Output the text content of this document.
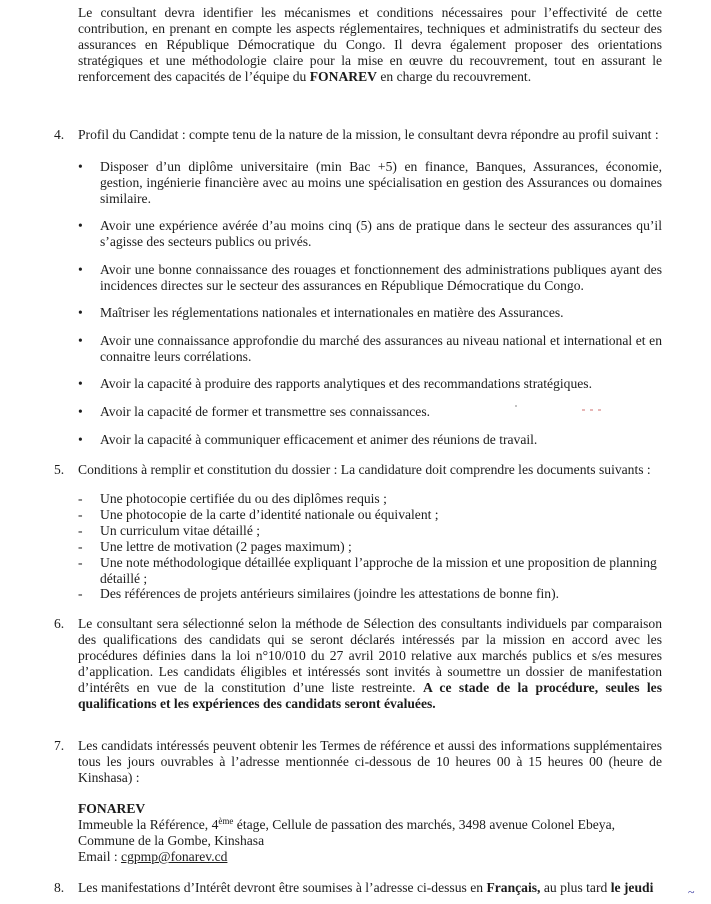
Le consultant devra identifier les mécanismes et conditions nécessaires pour l’effectivité de cette contribution, en prenant en compte les aspects réglementaires, techniques et administratifs du secteur des assurances en République Démocratique du Congo. Il devra également proposer des orientations stratégiques et une méthodologie claire pour la mise en œuvre du recouvrement, tout en assurant le renforcement des capacités de l’équipe du FONAREV en charge du recouvrement.

4. Profil du Candidat : compte tenu de la nature de la mission, le consultant devra répondre au profil suivant :

• Disposer d’un diplôme universitaire (min Bac +5) en finance, Banques, Assurances, économie, gestion, ingénierie financière avec au moins une spécialisation en gestion des Assurances ou domaines similaire.

• Avoir une expérience avérée d’au moins cinq (5) ans de pratique dans le secteur des assurances qu’il s’agisse des secteurs publics ou privés.

• Avoir une bonne connaissance des rouages et fonctionnement des administrations publiques ayant des incidences directes sur le secteur des assurances en République Démocratique du Congo.

• Maîtriser les réglementations nationales et internationales en matière des Assurances.

• Avoir une connaissance approfondie du marché des assurances au niveau national et international et en connaitre leurs corrélations.

• Avoir la capacité à produire des rapports analytiques et des recommandations stratégiques.

• Avoir la capacité de former et transmettre ses connaissances.

• Avoir la capacité à communiquer efficacement et animer des réunions de travail.

5. Conditions à remplir et constitution du dossier : La candidature doit comprendre les documents suivants :

- Une photocopie certifiée du ou des diplômes requis ;

- Une photocopie de la carte d’identité nationale ou équivalent ;

- Un curriculum vitae détaillé ;

- Une lettre de motivation (2 pages maximum) ;

- Une note méthodologique détaillée expliquant l’approche de la mission et une proposition de planning détaillé ;

- Des références de projets antérieurs similaires (joindre les attestations de bonne fin).

6. Le consultant sera sélectionné selon la méthode de Sélection des consultants individuels par comparaison des qualifications des candidats qui se seront déclarés intéressés par la mission en accord avec les procédures définies dans la loi n°10/010 du 27 avril 2010 relative aux marchés publics et s/es mesures d’application. Les candidats éligibles et intéressés sont invités à soumettre un dossier de manifestation d’intérêts en vue de la constitution d’une liste restreinte. A ce stade de la procédure, seules les qualifications et les expériences des candidats seront évaluées.

7. Les candidats intéressés peuvent obtenir les Termes de référence et aussi des informations supplémentaires tous les jours ouvrables à l’adresse mentionnée ci-dessous de 10 heures 00 à 15 heures 00 (heure de Kinshasa) :

FONAREV

Immeuble la Référence, 4ème étage, Cellule de passation des marchés, 3498 avenue Colonel Ebeya,

Commune de la Gombe, Kinshasa

Email : cgpmp@fonarev.cd

8. Les manifestations d’Intérêt devront être soumises à l’adresse ci-dessus en Français, au plus tard le jeudi	~
